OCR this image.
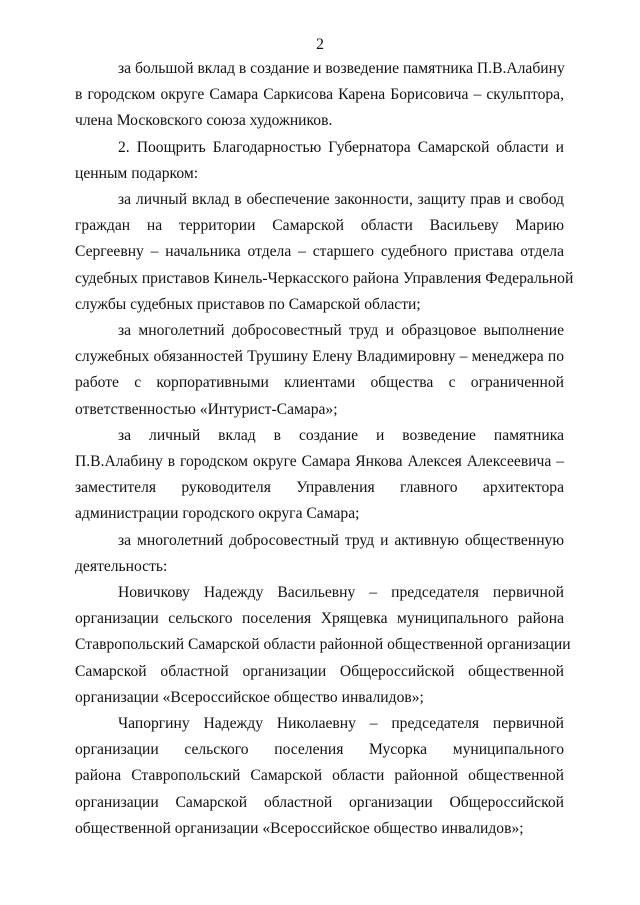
2
за большой вклад в создание и возведение памятника П.В.Алабину
в городском округе Самара Саркисова Карена Борисовича – скульптора,
члена Московского союза художников.
2. Поощрить Благодарностью Губернатора Самарской области и
ценным подарком:
за личный вклад в обеспечение законности, защиту прав и свобод
граждан на территории Самарской области Васильеву Марию
Сергеевну – начальника отдела – старшего судебного пристава отдела
судебных приставов Кинель-Черкасского района Управления Федеральной
службы судебных приставов по Самарской области;
за многолетний добросовестный труд и образцовое выполнение
служебных обязанностей Трушину Елену Владимировну – менеджера по
работе с корпоративными клиентами общества с ограниченной
ответственностью «Интурист-Самара»;
за личный вклад в создание и возведение памятника
П.В.Алабину в городском округе Самара Янкова Алексея Алексеевича –
заместителя руководителя Управления главного архитектора
администрации городского округа Самара;
за многолетний добросовестный труд и активную общественную
деятельность:
Новичкову Надежду Васильевну – председателя первичной
организации сельского поселения Хрящевка муниципального района
Ставропольский Самарской области районной общественной организации
Самарской областной организации Общероссийской общественной
организации «Всероссийское общество инвалидов»;
Чапоргину Надежду Николаевну – председателя первичной
организации сельского поселения Мусорка муниципального
района Ставропольский Самарской области районной общественной
организации Самарской областной организации Общероссийской
общественной организации «Всероссийское общество инвалидов»;
